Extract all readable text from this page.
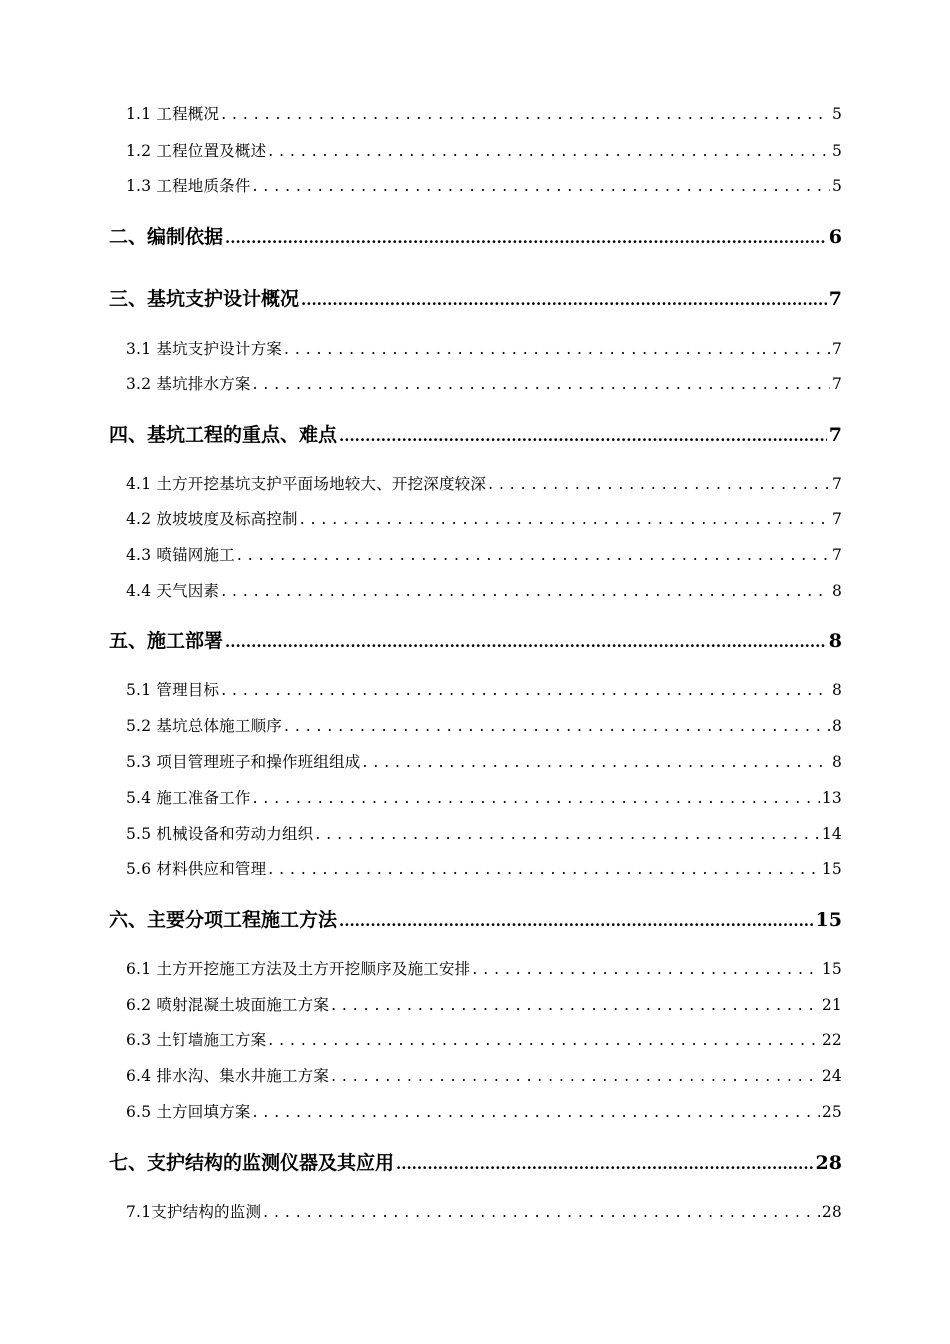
1.1 工程概况 . . .	5
1.2 工程位置及概述 . . .	5
1.3 工程地质条件 . . .	5
二、编制依据 .....	6
三、基坑支护设计概况 .....	7
3.1 基坑支护设计方案 . . .	7
3.2 基坑排水方案 . . .	7
四、基坑工程的重点、难点 .....	7
4.1 土方开挖基坑支护平面场地较大、开挖深度较深 . . .	7
4.2 放坡坡度及标高控制 . . .	7
4.3 喷锚网施工 . . .	7
4.4 天气因素 . . .	8
五、施工部署 .....	8
5.1 管理目标 . . .	8
5.2 基坑总体施工顺序 . . .	8
5.3 项目管理班子和操作班组组成 . . .	8
5.4 施工准备工作 . . .	13
5.5 机械设备和劳动力组织 . . .	14
5.6 材料供应和管理 . . .	15
六、主要分项工程施工方法 .....	15
6.1 土方开挖施工方法及土方开挖顺序及施工安排 . . .	15
6.2 喷射混凝土坡面施工方案 . . .	21
6.3 土钉墙施工方案 . . .	22
6.4 排水沟、集水井施工方案 . . .	24
6.5 土方回填方案 . . .	25
七、支护结构的监测仪器及其应用 .....	28
7.1支护结构的监测 . . .	28
